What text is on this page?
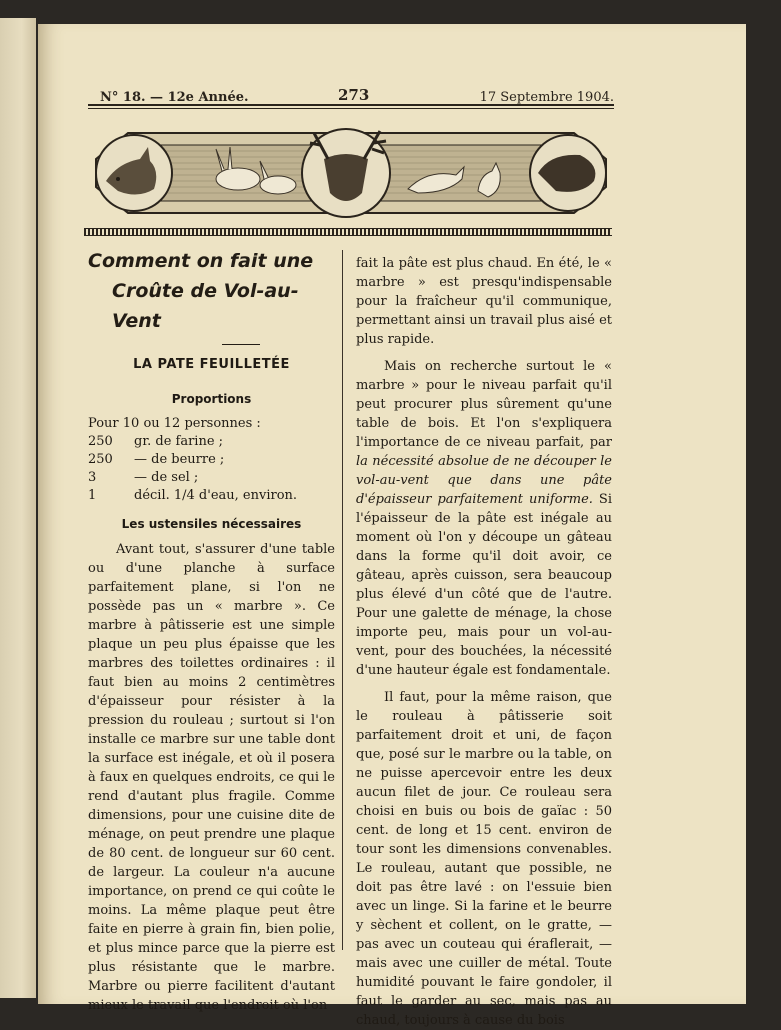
N° 18. — 12e Année.	273	17 Septembre 1904.
Comment on fait une
Croûte de Vol-au-Vent
LA PATE FEUILLETÉE
Proportions
Pour 10 ou 12 personnes :
250 gr. de farine ;
250 — de beurre ;
3	— de sel ;
1	décil. 1/4 d'eau, environ.
Les ustensiles nécessaires

Avant tout, s'assurer d'une table ou d'une planche à surface parfaitement plane, si l'on ne possède pas un « marbre ». Ce marbre à pâtisserie est une simple plaque un peu plus épaisse que les marbres des toilettes ordinaires : il faut bien au moins 2 centimètres d'épaisseur pour résister à la pression du rouleau ; surtout si l'on installe ce marbre sur une table dont la surface est inégale, et où il posera à faux en quelques endroits, ce qui le rend d'autant plus fragile. Comme dimensions, pour une cuisine dite de ménage, on peut prendre une plaque de 80 cent. de longueur sur 60 cent. de largeur. La couleur n'a aucune importance, on prend ce qui coûte le moins. La même plaque peut être faite en pierre à grain fin, bien polie, et plus mince parce que la pierre est plus résistante que le marbre. Marbre ou pierre facilitent d'autant mieux le travail que l'endroit où l'on

fait la pâte est plus chaud. En été, le « marbre » est presqu'indispensable pour la fraîcheur qu'il communique, permettant ainsi un travail plus aisé et plus rapide.

Mais on recherche surtout le « marbre » pour le niveau parfait qu'il peut procurer plus sûrement qu'une table de bois. Et l'on s'expliquera l'importance de ce niveau parfait, par la nécessité absolue de ne découper le vol-au-vent que dans une pâte d'épaisseur parfaitement uniforme. Si l'épaisseur de la pâte est inégale au moment où l'on y découpe un gâteau dans la forme qu'il doit avoir, ce gâteau, après cuisson, sera beaucoup plus élevé d'un côté que de l'autre. Pour une galette de ménage, la chose importe peu, mais pour un vol-au-vent, pour des bouchées, la nécessité d'une hauteur égale est fondamentale.

Il faut, pour la même raison, que le rouleau à pâtisserie soit parfaitement droit et uni, de façon que, posé sur le marbre ou la table, on ne puisse apercevoir entre les deux aucun filet de jour. Ce rouleau sera choisi en buis ou bois de gaïac : 50 cent. de long et 15 cent. environ de tour sont les dimensions convenables. Le rouleau, autant que possible, ne doit pas être lavé : on l'essuie bien avec un linge. Si la farine et le beurre y sèchent et collent, on le gratte, — pas avec un couteau qui éraflerait, — mais avec une cuiller de métal. Toute humidité pouvant le faire gondoler, il faut le garder au sec, mais pas au chaud, toujours à cause du bois
